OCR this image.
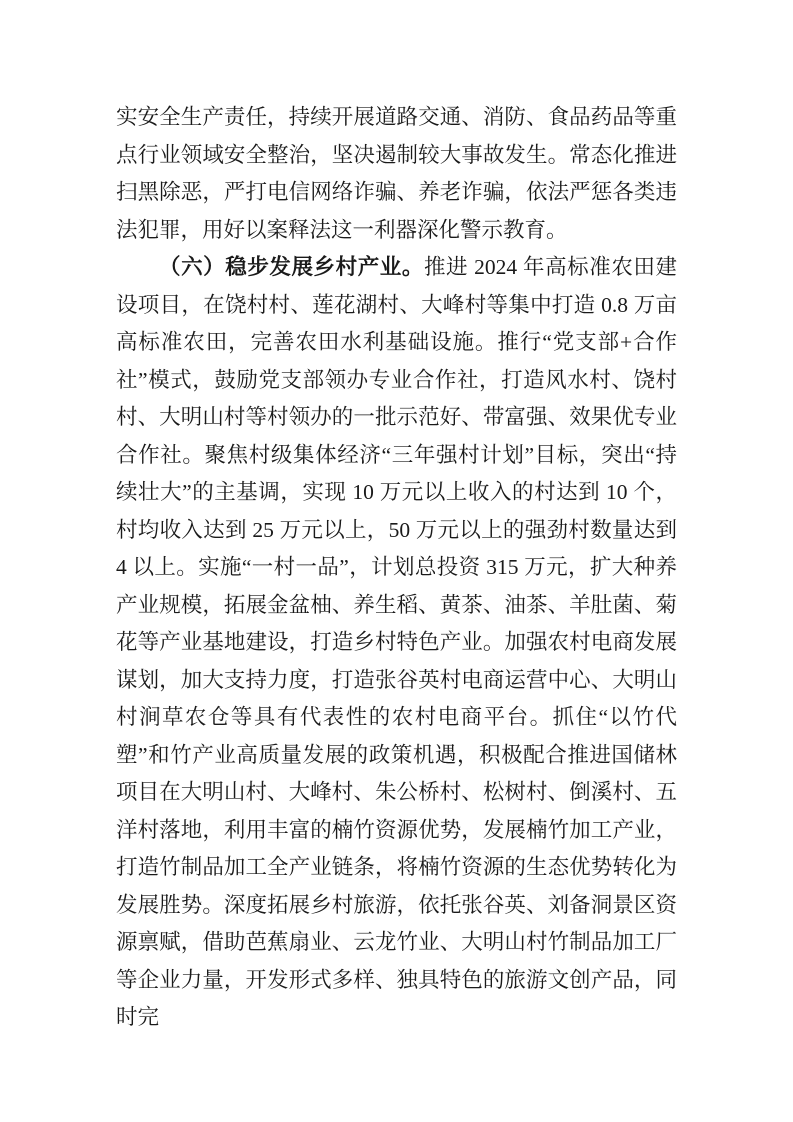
实安全生产责任，持续开展道路交通、消防、食品药品等重点行业领域安全整治，坚决遏制较大事故发生。常态化推进扫黑除恶，严打电信网络诈骗、养老诈骗，依法严惩各类违法犯罪，用好以案释法这一利器深化警示教育。

（六）稳步发展乡村产业。推进 2024 年高标准农田建设项目，在饶村村、莲花湖村、大峰村等集中打造 0.8 万亩高标准农田，完善农田水利基础设施。推行“党支部+合作社”模式，鼓励党支部领办专业合作社，打造风水村、饶村村、大明山村等村领办的一批示范好、带富强、效果优专业合作社。聚焦村级集体经济“三年强村计划”目标，突出“持续壮大”的主基调，实现 10 万元以上收入的村达到 10 个，村均收入达到 25 万元以上，50 万元以上的强劲村数量达到 4 以上。实施“一村一品”，计划总投资 315 万元，扩大种养产业规模，拓展金盆柚、养生稻、黄茶、油茶、羊肚菌、菊花等产业基地建设，打造乡村特色产业。加强农村电商发展谋划，加大支持力度，打造张谷英村电商运营中心、大明山村涧草农仓等具有代表性的农村电商平台。抓住“以竹代塑”和竹产业高质量发展的政策机遇，积极配合推进国储林项目在大明山村、大峰村、朱公桥村、松树村、倒溪村、五洋村落地，利用丰富的楠竹资源优势，发展楠竹加工产业，打造竹制品加工全产业链条，将楠竹资源的生态优势转化为发展胜势。深度拓展乡村旅游，依托张谷英、刘备洞景区资源禀赋，借助芭蕉扇业、云龙竹业、大明山村竹制品加工厂等企业力量，开发形式多样、独具特色的旅游文创产品，同时完
